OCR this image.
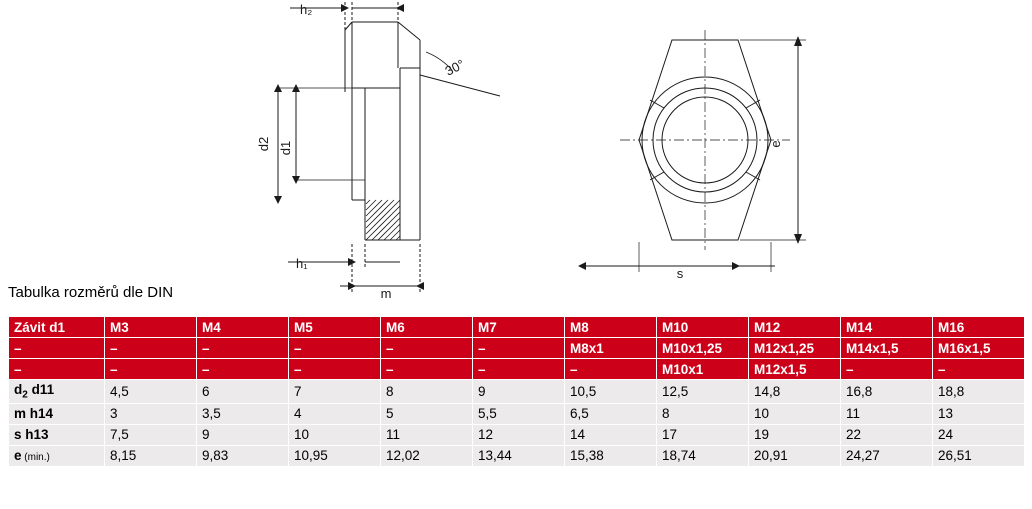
h₂
h₁
d2 d1
m
30°
e
s
Tabulka rozměrů dle DIN
Závit d1	M3	M4	M5	M6	M7	M8	M10	M12	M14	M16
–	–	–	–	–	–	M8x1	M10x1,25	M12x1,25	M14x1,5	M16x1,5
–	–	–	–	–	–	–	M10x1	M12x1,5	–	–
$d_2$ d11	4,5	6	7	8	9	10,5	12,5	14,8	16,8	18,8
m h14	3	3,5	4	5	5,5	6,5	8	10	11	13
s h13	7,5	9	10	11	12	14	17	19	22	24
e (min.)	8,15	9,83	10,95	12,02	13,44	15,38	18,74	20,91	24,27	26,51
